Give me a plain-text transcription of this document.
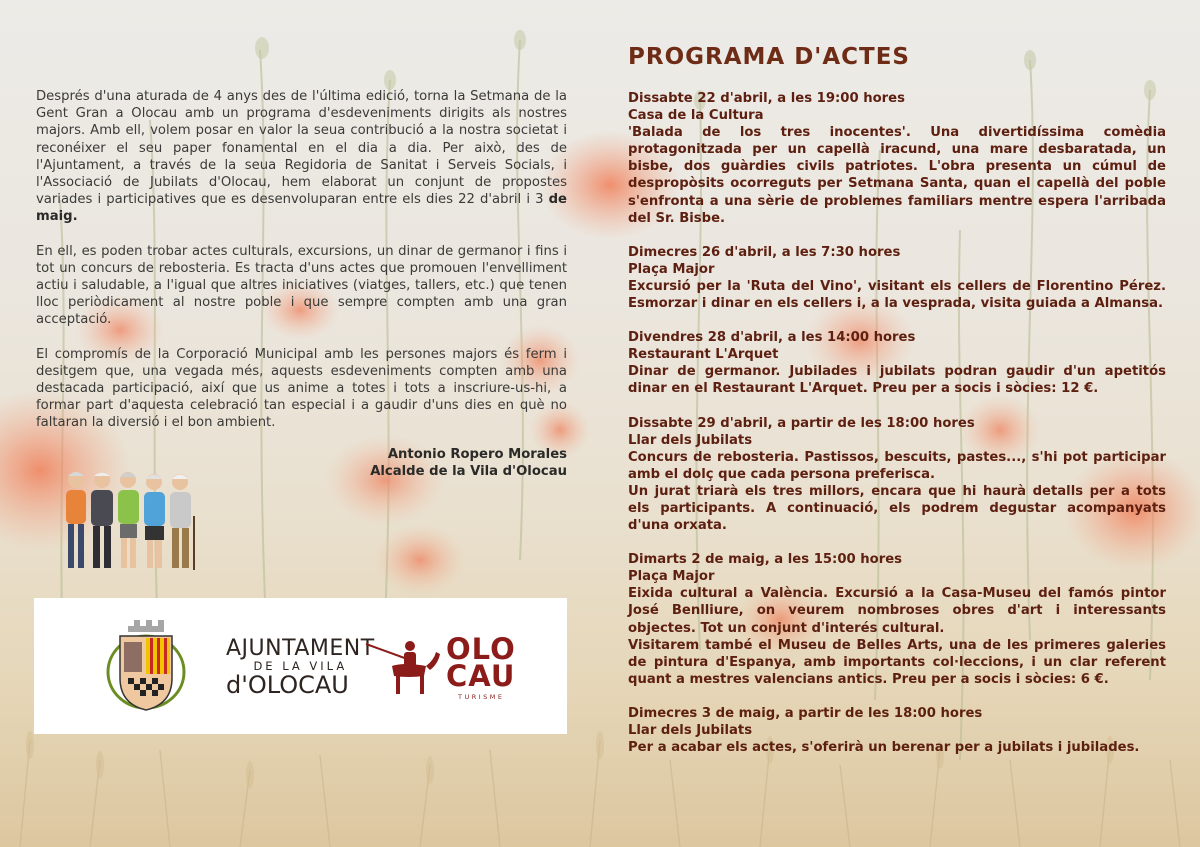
Després d'una aturada de 4 anys des de l'última edició, torna la Setmana de la Gent Gran a Olocau amb un programa d'esdeveniments dirigits als nostres majors. Amb ell, volem posar en valor la seua contribució a la nostra societat i reconéixer el seu paper fonamental en el dia a dia. Per això, des de l'Ajuntament, a través de la seua Regidoria de Sanitat i Serveis Socials, i l'Associació de Jubilats d'Olocau, hem elaborat un conjunt de propostes variades i participatives que es desenvoluparan entre els dies 22 d'abril i 3 de maig.

En ell, es poden trobar actes culturals, excursions, un dinar de germanor i fins i tot un concurs de rebosteria. Es tracta d'uns actes que promouen l'envelliment actiu i saludable, a l'igual que altres iniciatives (viatges, tallers, etc.) que tenen lloc periòdicament al nostre poble i que sempre compten amb una gran acceptació.

El compromís de la Corporació Municipal amb les persones majors és ferm i desitgem que, una vegada més, aquests esdeveniments compten amb una destacada participació, així que us anime a totes i tots a inscriure-us-hi, a formar part d'aquesta celebració tan especial i a gaudir d'uns dies en què no faltaran la diversió i el bon ambient.

Antonio Ropero Morales
Alcalde de la Vila d'Olocau
AJUNTAMENT
DE LA VILA
d'OLOCAU
OLO
CAU
TURISME
PROGRAMA D'ACTES
Dissabte 22 d'abril, a les 19:00 hores
Casa de la Cultura
'Balada de los tres inocentes'. Una divertidíssima comèdia protagonitzada per un capellà iracund, una mare desbaratada, un bisbe, dos guàrdies civils patriotes. L'obra presenta un cúmul de despropòsits ocorreguts per Setmana Santa, quan el capellà del poble s'enfronta a una sèrie de problemes familiars mentre espera l'arribada del Sr. Bisbe.
Dimecres 26 d'abril, a les 7:30 hores
Plaça Major
Excursió per la 'Ruta del Vino', visitant els cellers de Florentino Pérez. Esmorzar i dinar en els cellers i, a la vesprada, visita guiada a Almansa.
Divendres 28 d'abril, a les 14:00 hores
Restaurant L'Arquet
Dinar de germanor. Jubilades i jubilats podran gaudir d'un apetitós dinar en el Restaurant L'Arquet. Preu per a socis i sòcies: 12 €.
Dissabte 29 d'abril, a partir de les 18:00 hores
Llar dels Jubilats
Concurs de rebosteria. Pastissos, bescuits, pastes..., s'hi pot participar amb el dolç que cada persona preferisca.
Un jurat triarà els tres millors, encara que hi haurà detalls per a tots els participants. A continuació, els podrem degustar acompanyats d'una orxata.
Dimarts 2 de maig, a les 15:00 hores
Plaça Major
Eixida cultural a València. Excursió a la Casa-Museu del famós pintor José Benlliure, on veurem nombroses obres d'art i interessants objectes. Tot un conjunt d'interés cultural.
Visitarem també el Museu de Belles Arts, una de les primeres galeries de pintura d'Espanya, amb importants col·leccions, i un clar referent quant a mestres valencians antics. Preu per a socis i sòcies: 6 €.
Dimecres 3 de maig, a partir de les 18:00 hores
Llar dels Jubilats
Per a acabar els actes, s'oferirà un berenar per a jubilats i jubilades.
